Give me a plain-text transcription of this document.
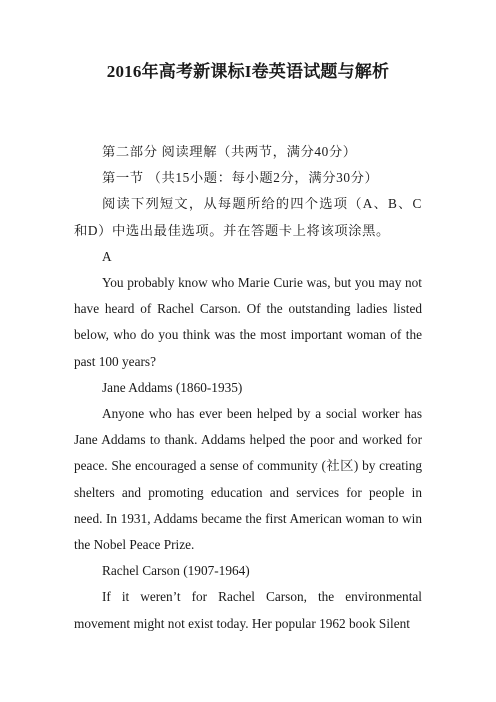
2016年高考新课标I卷英语试题与解析

第二部分 阅读理解（共两节，满分40分）

第一节 （共15小题：每小题2分，满分30分）

阅读下列短文，从每题所给的四个选项（A、B、C和D）中选出最佳选项。并在答题卡上将该项涂黑。

A

You probably know who Marie Curie was, but you may not have heard of Rachel Carson. Of the outstanding ladies listed below, who do you think was the most important woman of the past 100 years?

Jane Addams (1860-1935)

Anyone who has ever been helped by a social worker has Jane Addams to thank. Addams helped the poor and worked for peace. She encouraged a sense of community (社区) by creating shelters and promoting education and services for people in need. In 1931, Addams became the first American woman to win the Nobel Peace Prize.

Rachel Carson (1907-1964)

If it weren’t for Rachel Carson, the environmental movement might not exist today. Her popular 1962 book Silent
